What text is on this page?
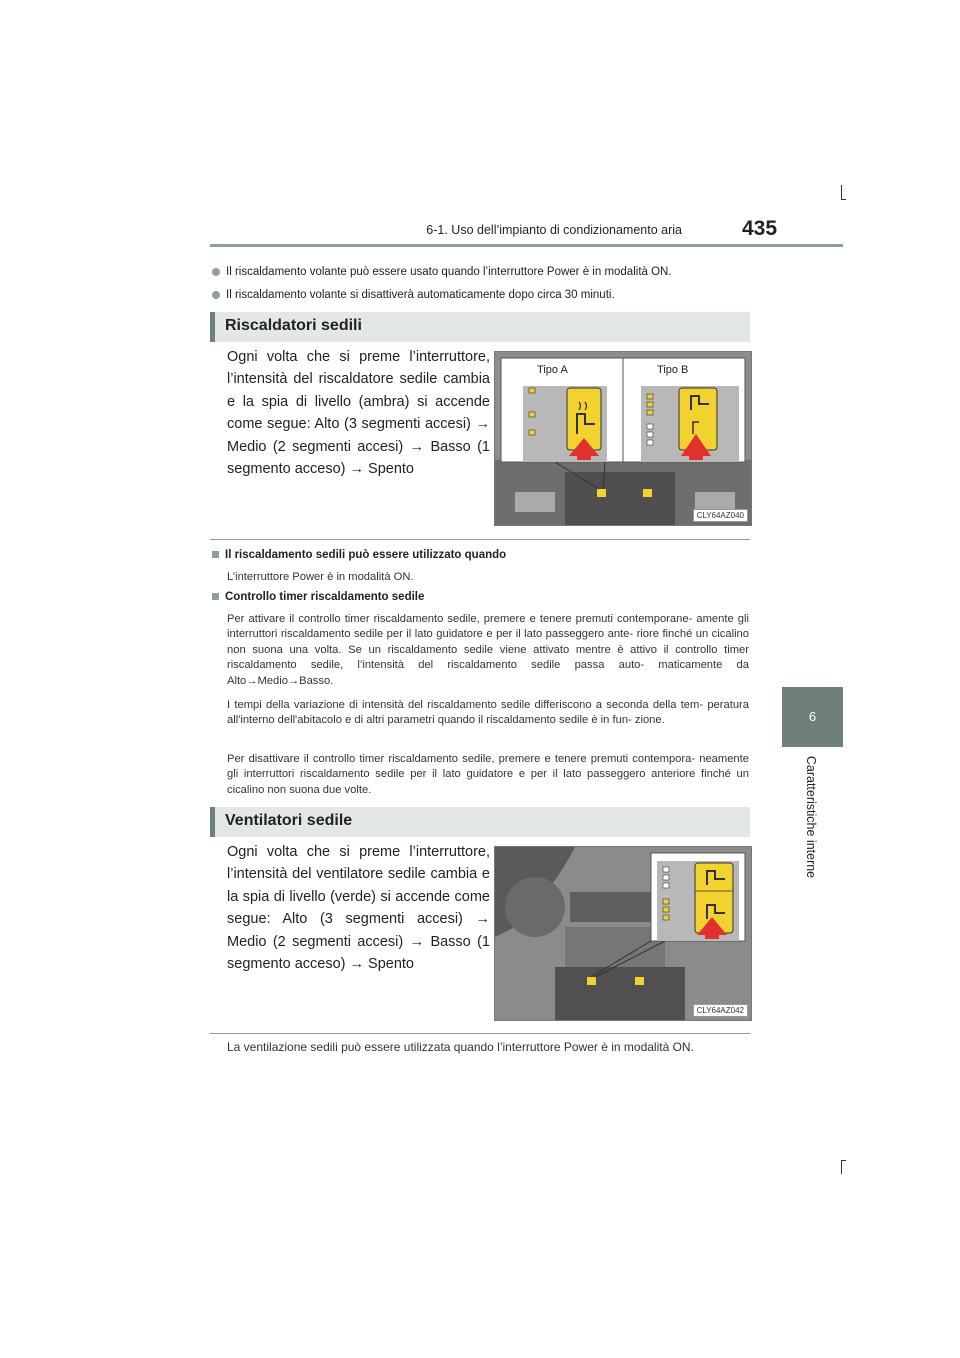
6-1. Uso dell’impianto di condizionamento aria	435
6
Caratteristiche interne
Il riscaldamento volante può essere usato quando l’interruttore Power è in modalità ON.
Il riscaldamento volante si disattiverà automaticamente dopo circa 30 minuti.
Riscaldatori sedili
Ogni volta che si preme l’interruttore, l’intensità del riscaldatore sedile cambia e la spia di livello (ambra) si accende come segue: Alto (3 segmenti accesi) → Medio (2 segmenti accesi) → Basso (1 segmento acceso) → Spento
Tipo A	Tipo B
CLY64AZ040
Il riscaldamento sedili può essere utilizzato quando
L’interruttore Power è in modalità ON.
Controllo timer riscaldamento sedile
Per attivare il controllo timer riscaldamento sedile, premere e tenere premuti contemporane- amente gli interruttori riscaldamento sedile per il lato guidatore e per il lato passeggero ante- riore finché un cicalino non suona una volta. Se un riscaldamento sedile viene attivato mentre è attivo il controllo timer riscaldamento sedile, l’intensità del riscaldamento sedile passa auto- maticamente da Alto→Medio→Basso.
I tempi della variazione di intensità del riscaldamento sedile differiscono a seconda della tem- peratura all'interno dell'abitacolo e di altri parametri quando il riscaldamento sedile è in fun- zione.
Per disattivare il controllo timer riscaldamento sedile, premere e tenere premuti contempora- neamente gli interruttori riscaldamento sedile per il lato guidatore e per il lato passeggero anteriore finché un cicalino non suona due volte.
Ventilatori sedile
Ogni volta che si preme l’interruttore, l’intensità del ventilatore sedile cambia e la spia di livello (verde) si accende come segue: Alto (3 segmenti accesi) → Medio (2 segmenti accesi) → Basso (1 segmento acceso) → Spento
CLY64AZ042
La ventilazione sedili può essere utilizzata quando l’interruttore Power è in modalità ON.
